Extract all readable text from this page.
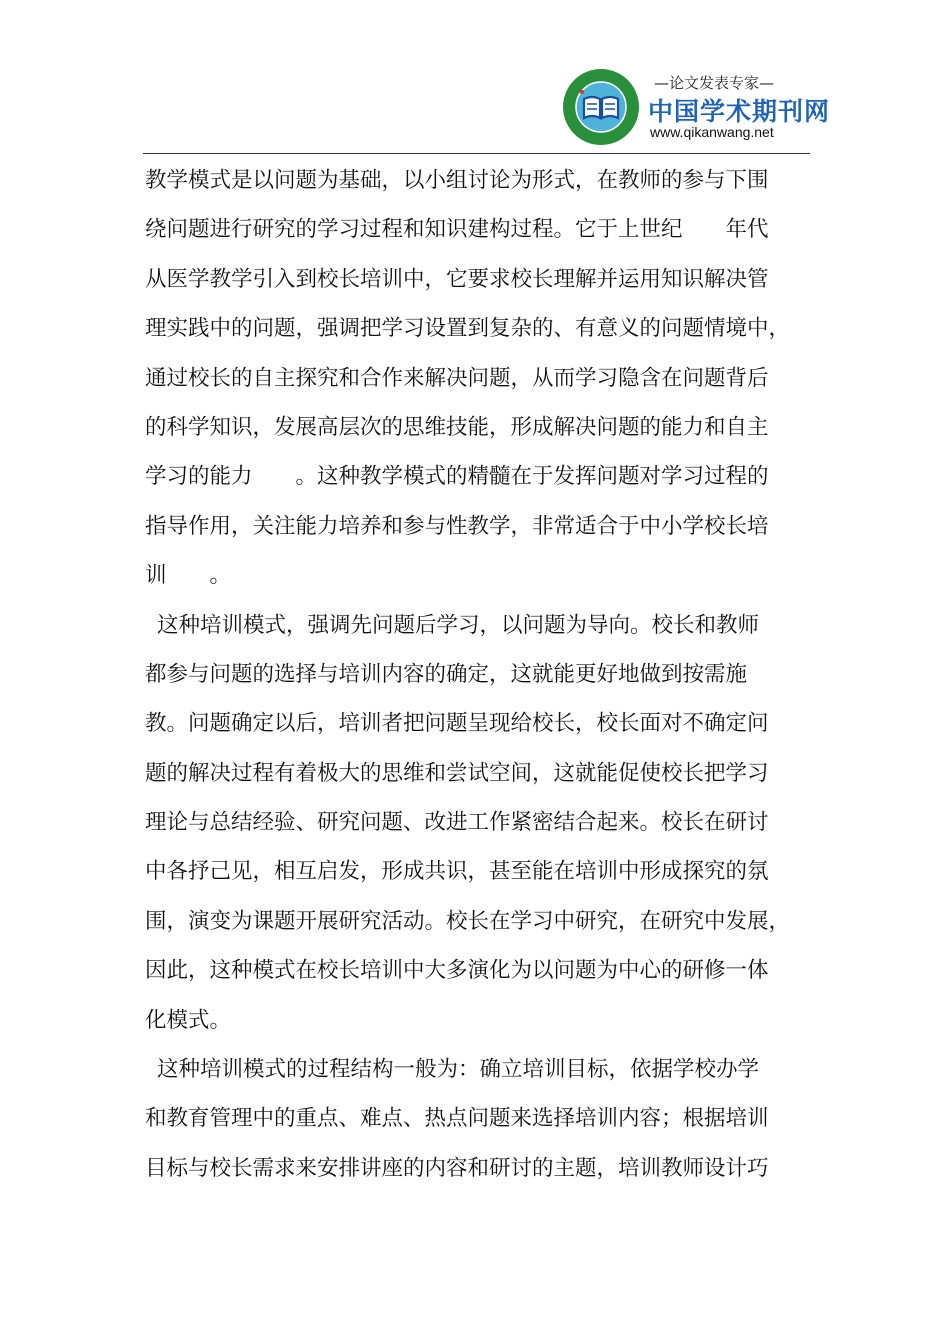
—论文发表专家—
中国学术期刊网
www.qikanwang.net
教学模式是以问题为基础，以小组讨论为形式，在教师的参与下围
绕问题进行研究的学习过程和知识建构过程。它于上世纪　　年代
从医学教学引入到校长培训中，它要求校长理解并运用知识解决管
理实践中的问题，强调把学习设置到复杂的、有意义的问题情境中，
通过校长的自主探究和合作来解决问题，从而学习隐含在问题背后
的科学知识，发展高层次的思维技能，形成解决问题的能力和自主
学习的能力　　。这种教学模式的精髓在于发挥问题对学习过程的
指导作用，关注能力培养和参与性教学，非常适合于中小学校长培
训　　。
这种培训模式，强调先问题后学习，以问题为导向。校长和教师
都参与问题的选择与培训内容的确定，这就能更好地做到按需施
教。问题确定以后，培训者把问题呈现给校长，校长面对不确定问
题的解决过程有着极大的思维和尝试空间，这就能促使校长把学习
理论与总结经验、研究问题、改进工作紧密结合起来。校长在研讨
中各抒己见，相互启发，形成共识，甚至能在培训中形成探究的氛
围，演变为课题开展研究活动。校长在学习中研究，在研究中发展，
因此，这种模式在校长培训中大多演化为以问题为中心的研修一体
化模式。
这种培训模式的过程结构一般为：确立培训目标，依据学校办学
和教育管理中的重点、难点、热点问题来选择培训内容；根据培训
目标与校长需求来安排讲座的内容和研讨的主题，培训教师设计巧
